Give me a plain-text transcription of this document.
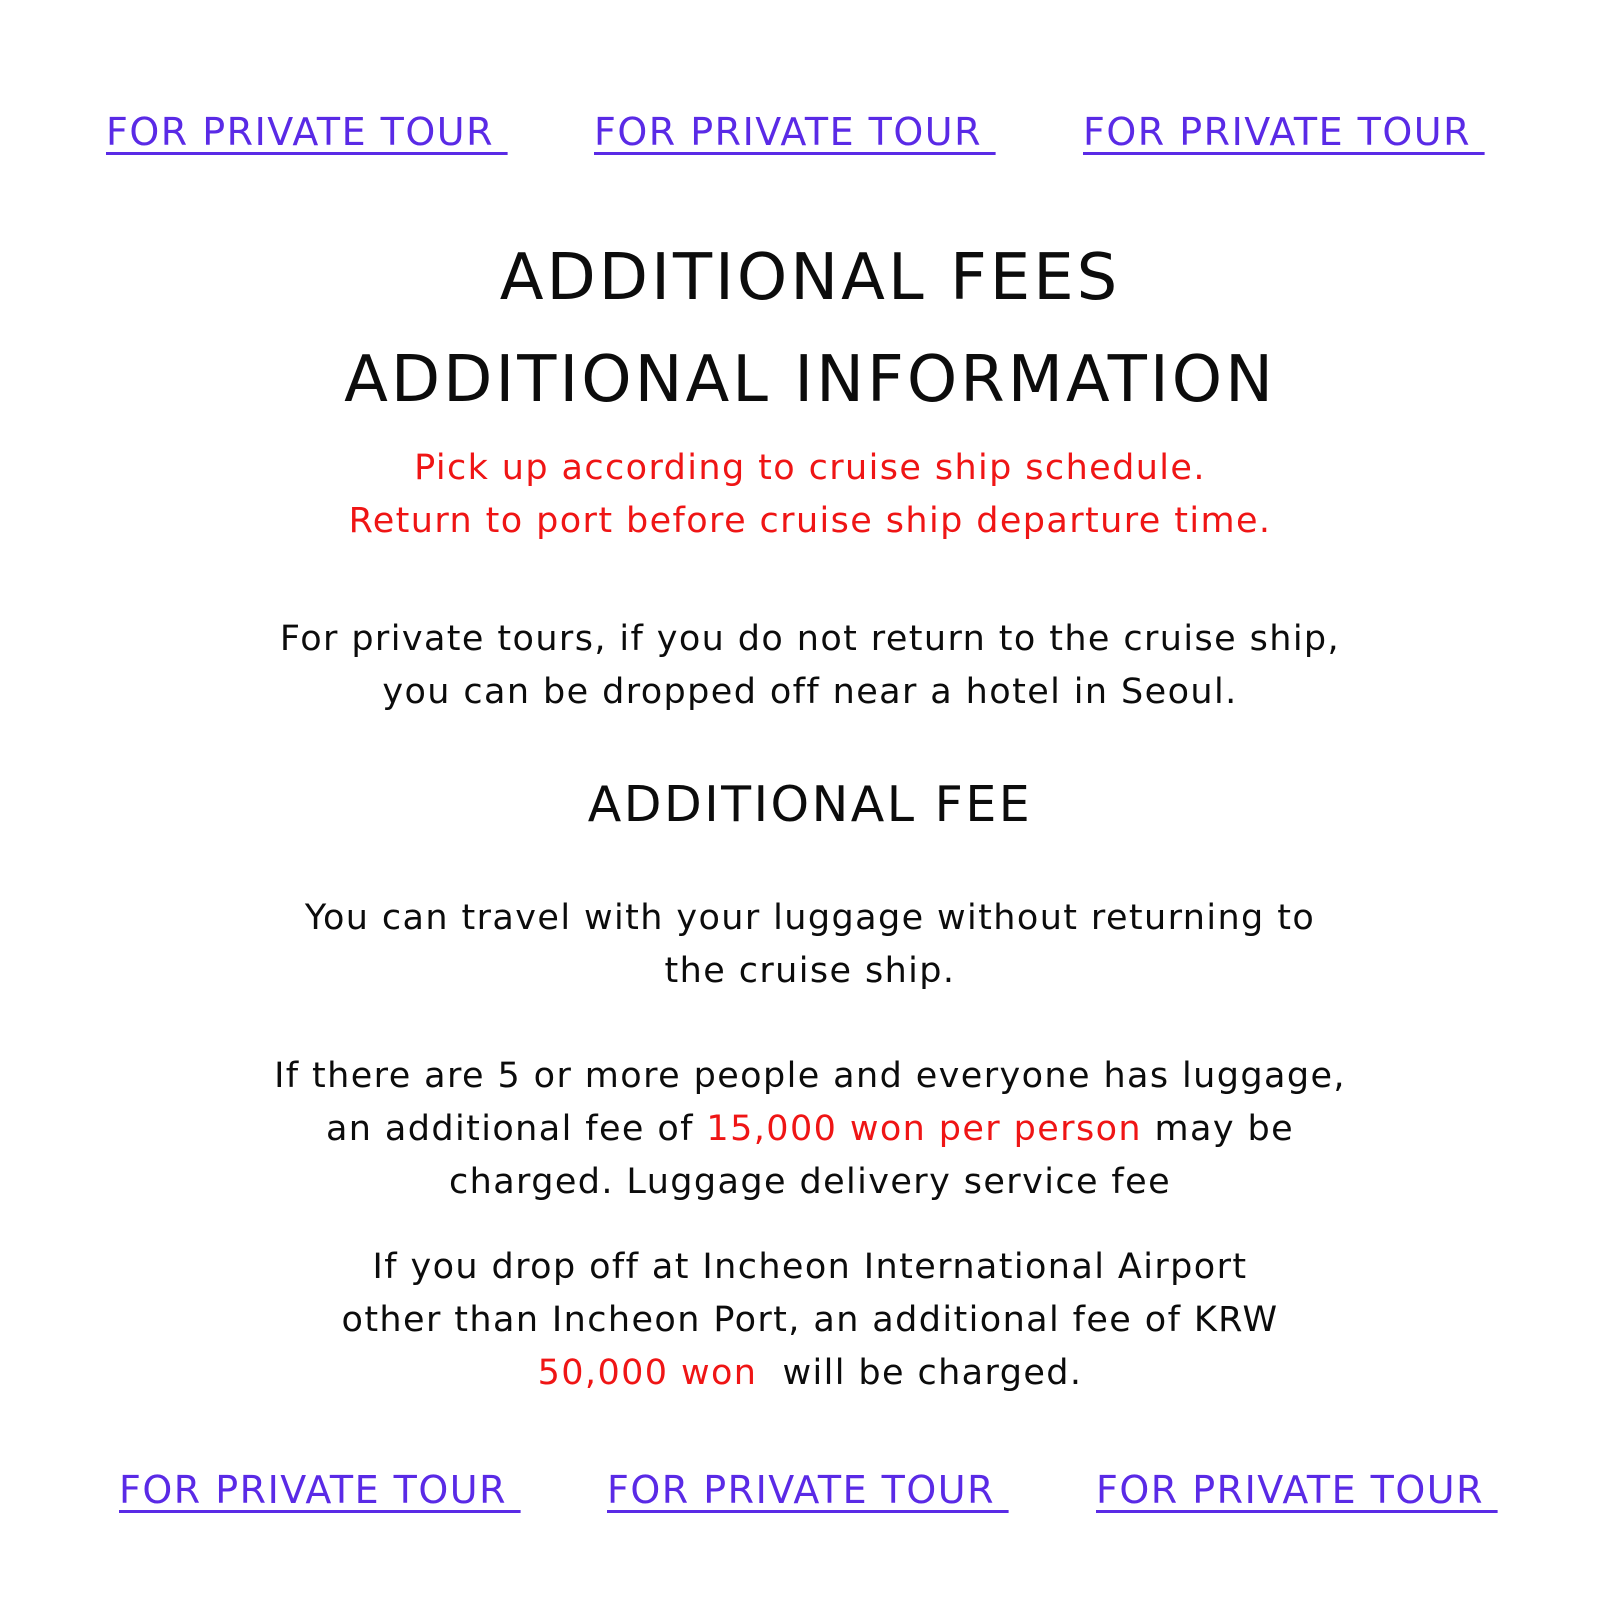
FOR PRIVATE TOUR FOR PRIVATE TOUR FOR PRIVATE TOUR
ADDITIONAL FEES
ADDITIONAL INFORMATION

Pick up according to cruise ship schedule.
Return to port before cruise ship departure time.

For private tours, if you do not return to the cruise ship,
you can be dropped off near a hotel in Seoul.

ADDITIONAL FEE

You can travel with your luggage without returning to
the cruise ship.

If there are 5 or more people and everyone has luggage,
an additional fee of 15,000 won per person may be
charged. Luggage delivery service fee

If you drop off at Incheon International Airport
other than Incheon Port, an additional fee of KRW
50,000 won  will be charged.

FOR PRIVATE TOUR FOR PRIVATE TOUR FOR PRIVATE TOUR
